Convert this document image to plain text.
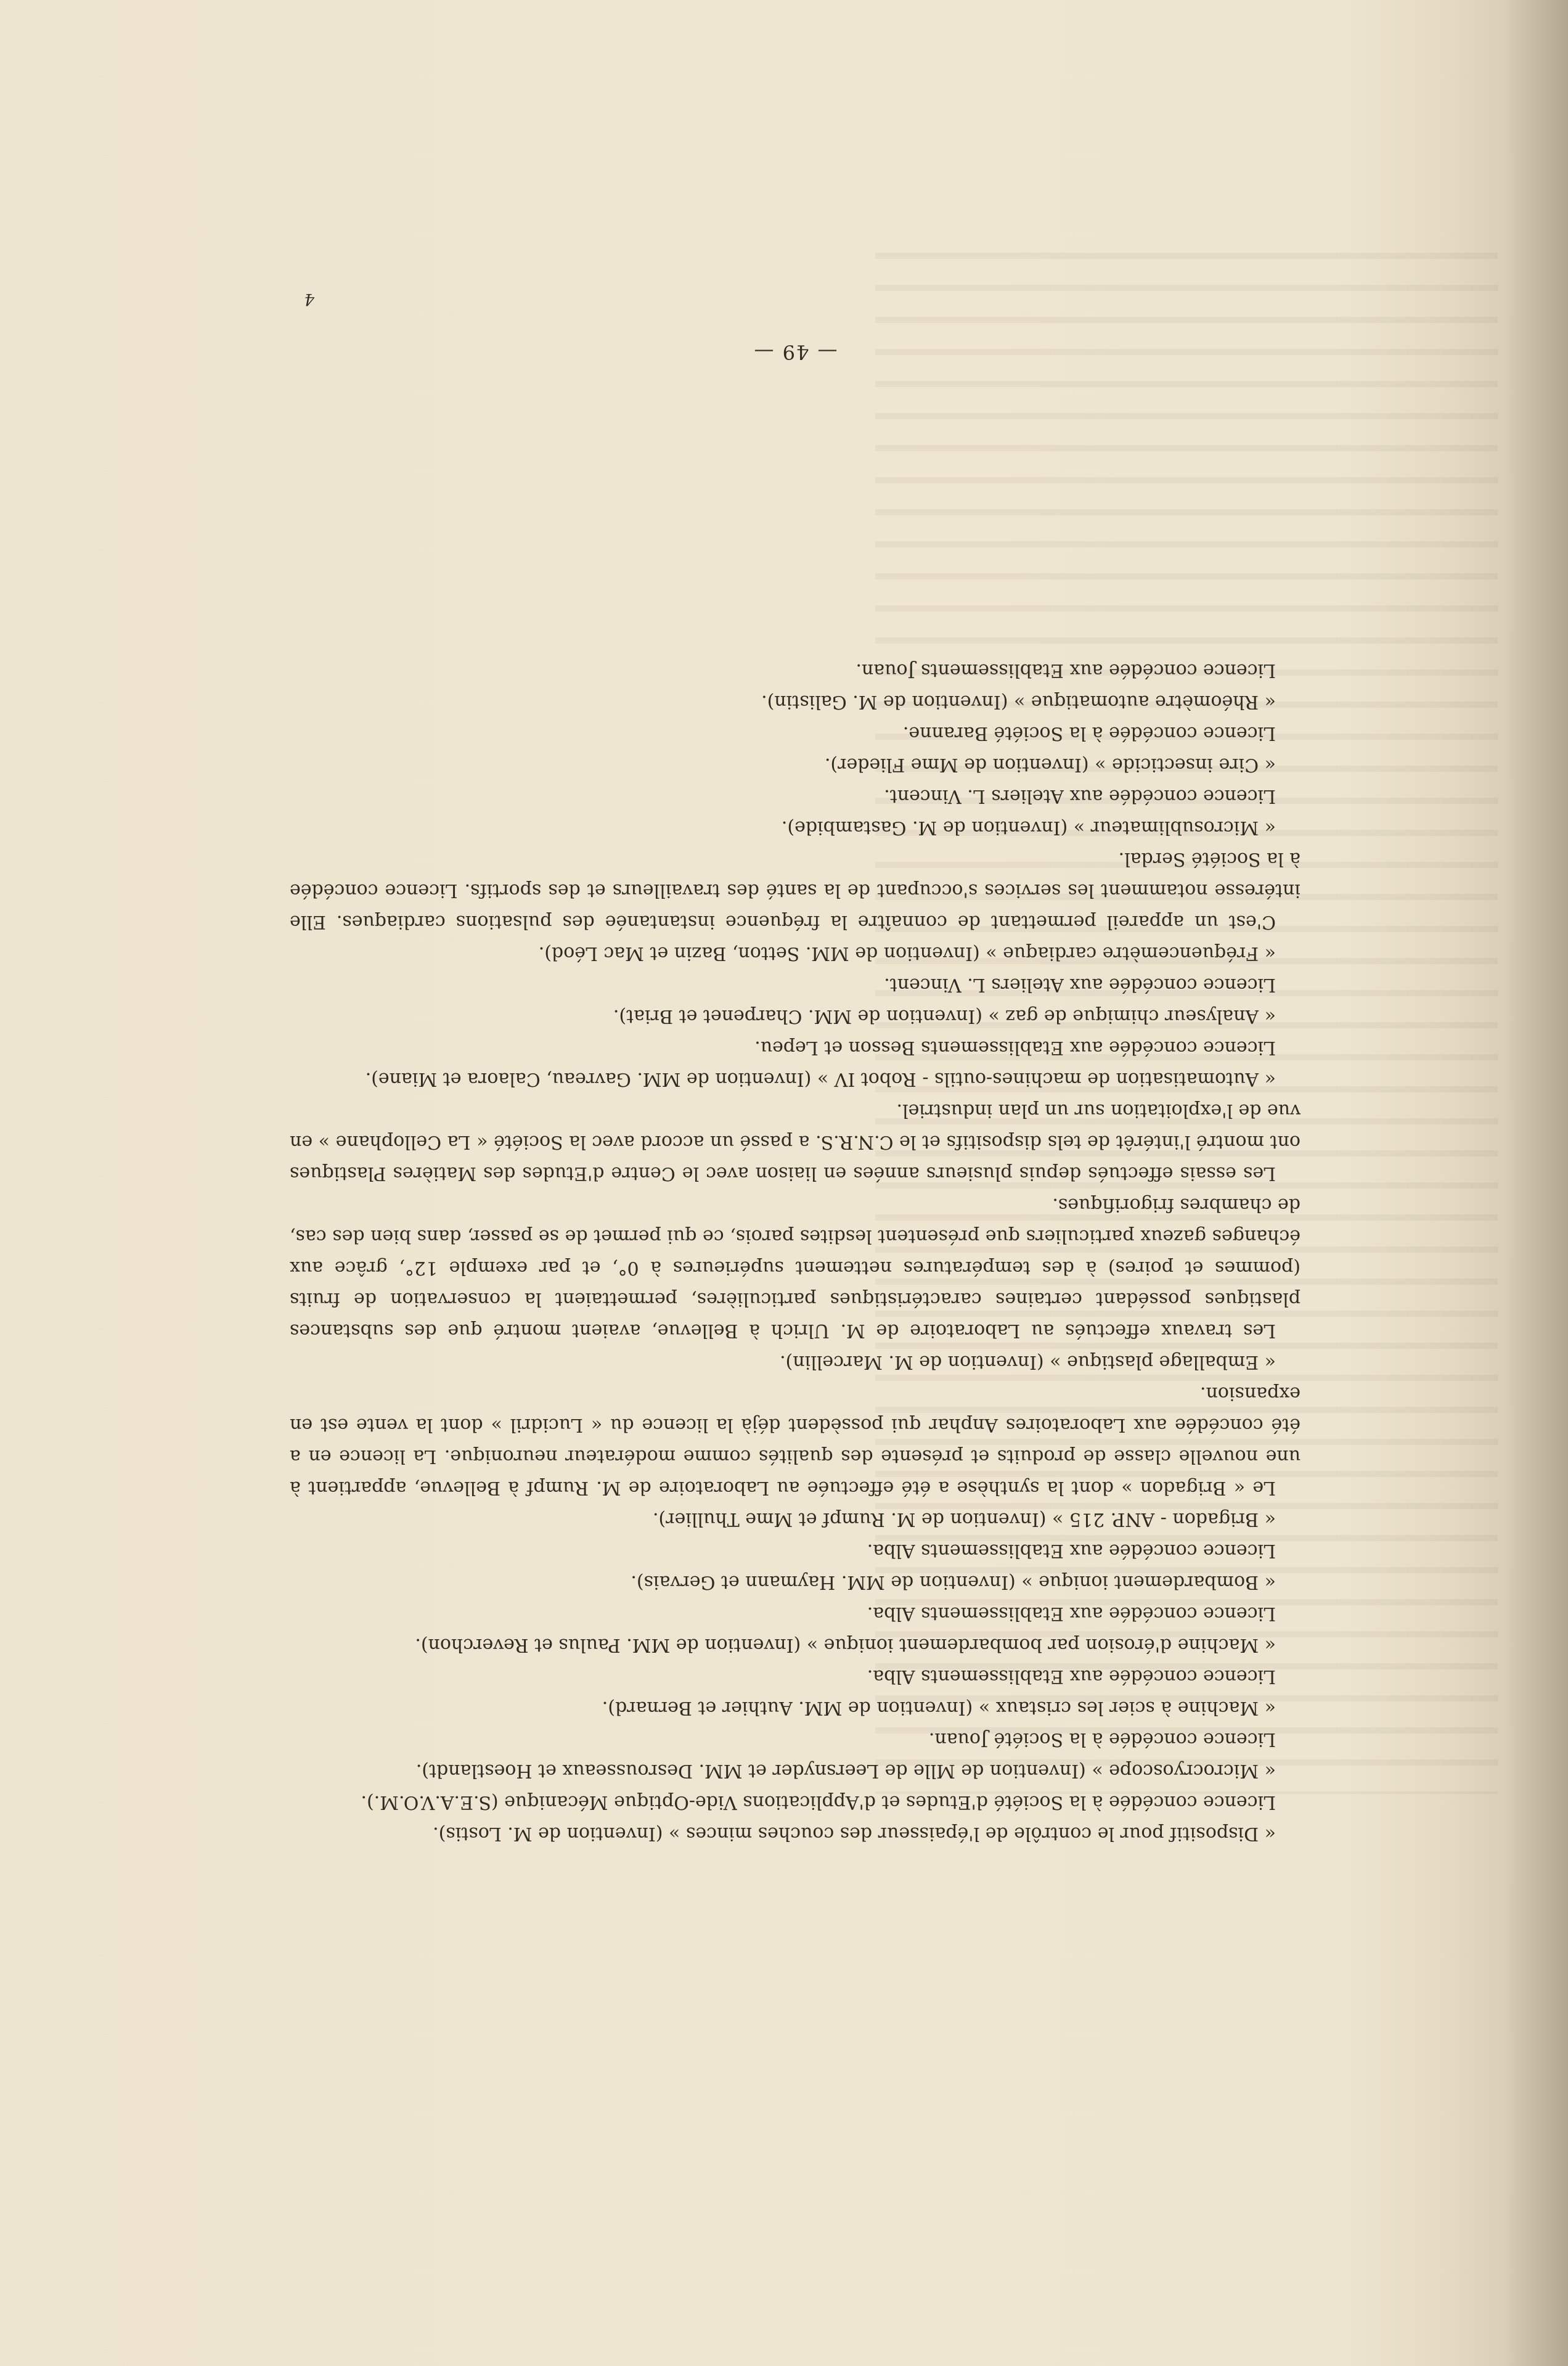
« Dispositif pour le contrôle de l'épaisseur des couches minces » (Invention de M. Lostis).

Licence concédée à la Société d'Etudes et d'Applications Vide-Optique Mécanique (S.E.A.V.O.M.).

« Microcryoscope » (Invention de Mlle de Leersnyder et MM. Desrousseaux et Hoestlandt).

Licence concédée à la Société Jouan.

« Machine à scier les cristaux » (Invention de MM. Authier et Bernard).

Licence concédée aux Etablissements Alba.

« Machine d'érosion par bombardement ionique » (Invention de MM. Paulus et Reverchon).

Licence concédée aux Etablissements Alba.

« Bombardement ionique » (Invention de MM. Haymann et Gervais).

Licence concédée aux Etablissements Alba.

« Brigadon - ANP. 215 » (Invention de M. Rumpf et Mme Thullier).

Le « Brigadon » dont la synthèse a été effectuée au Laboratoire de M. Rumpf à Bellevue, appartient à une nouvelle classe de produits et présente des qualités comme modérateur neuronique. La licence en a été concédée aux Laboratoires Anphar qui possèdent déjà la licence du « Lucidril » dont la vente est en expansion.

« Emballage plastique » (Invention de M. Marcellin).

Les travaux effectués au Laboratoire de M. Ulrich à Bellevue, avaient montré que des substances plastiques possédant certaines caractéristiques particulières, permettaient la conservation de fruits (pommes et poires) à des températures nettement supérieures à 0°, et par exemple 12°, grâce aux échanges gazeux particuliers que présentent lesdites parois, ce qui permet de se passer, dans bien des cas, de chambres frigorifiques.

Les essais effectués depuis plusieurs années en liaison avec le Centre d'Etudes des Matières Plastiques ont montré l'intérêt de tels dispositifs et le C.N.R.S. a passé un accord avec la Société « La Cellophane » en vue de l'exploitation sur un plan industriel.

« Automatisation de machines-outils - Robot IV » (Invention de MM. Gavreau, Calaora et Miane).

Licence concédée aux Etablissements Besson et Lepeu.

« Analyseur chimique de gaz » (Invention de MM. Charpenet et Briat).

Licence concédée aux Ateliers L. Vincent.

« Fréquencemètre cardiaque » (Invention de MM. Setton, Bazin et Mac Léod).

C'est un appareil permettant de connaître la fréquence instantanée des pulsations cardiaques. Elle intéresse notamment les services s'occupant de la santé des travailleurs et des sportifs. Licence concédée à la Société Serdal.

« Microsublimateur » (Invention de M. Gastambide).

Licence concédée aux Ateliers L. Vincent.

« Cire insecticide » (Invention de Mme Flieder).

Licence concédée à la Société Baranne.

« Rhéomètre automatique » (Invention de M. Galistin).

Licence concédée aux Etablissements Jouan.

— 49 —
4
